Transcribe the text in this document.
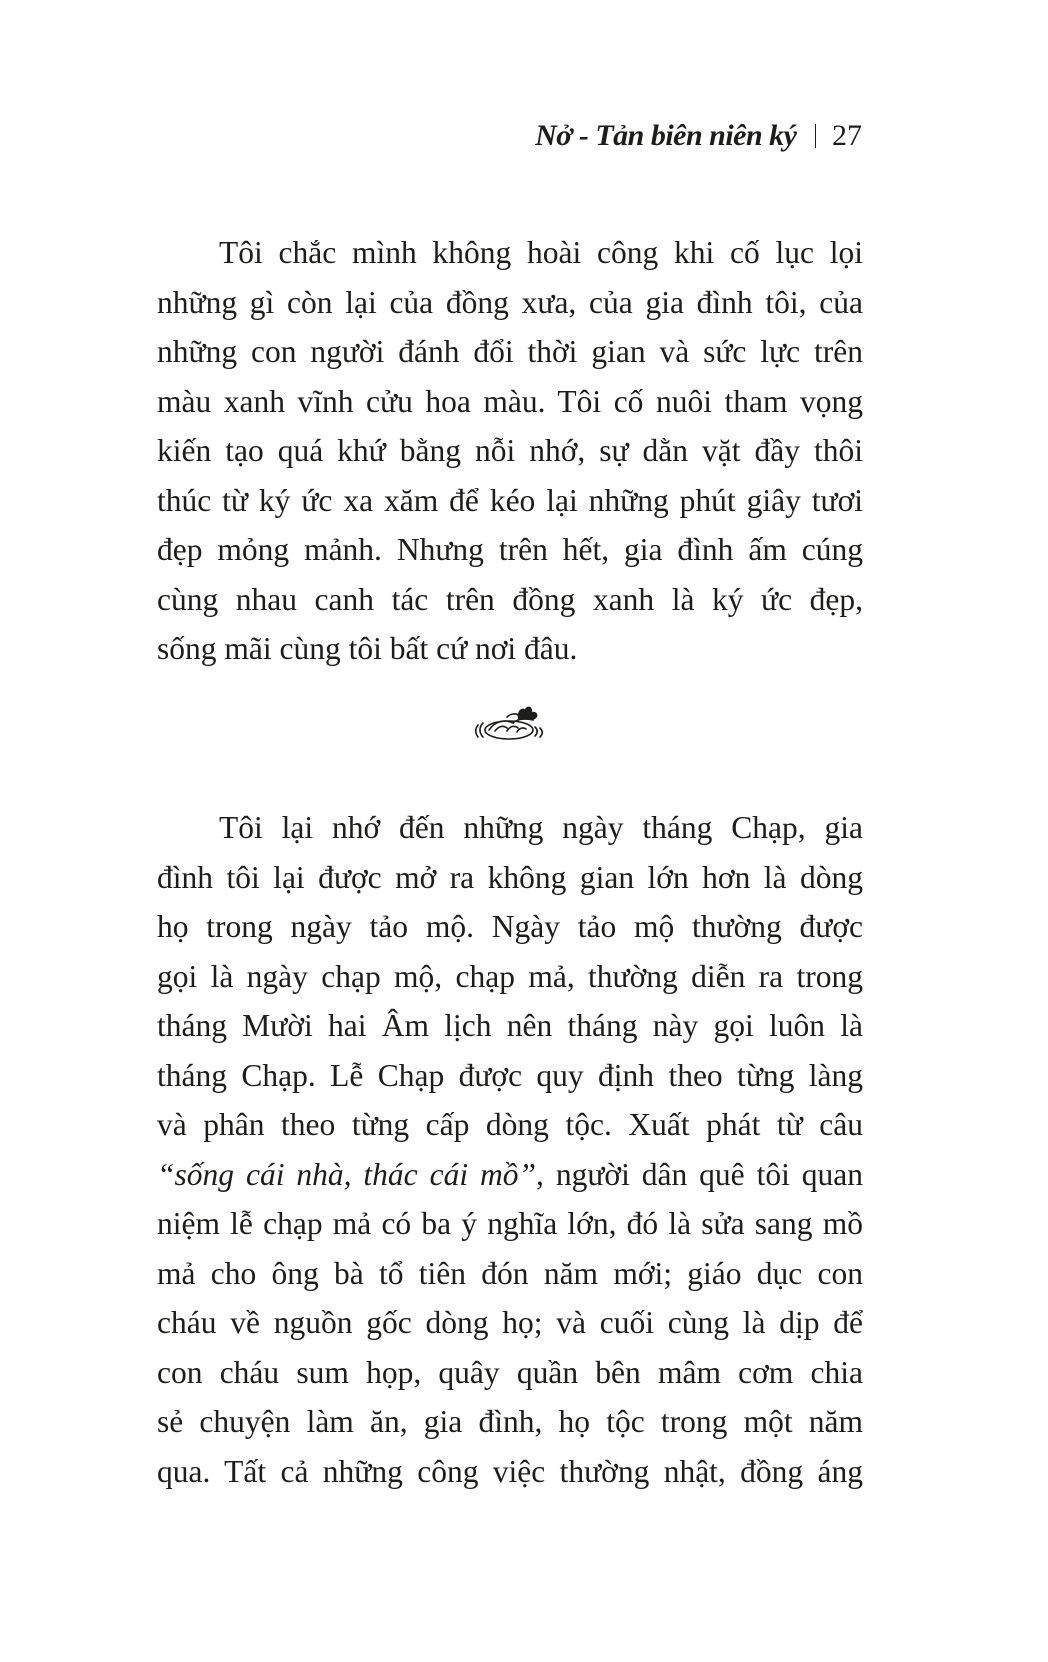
Nở - Tản biên niên ký 27
Tôi chắc mình không hoài công khi cố lục lọi
những gì còn lại của đồng xưa, của gia đình tôi, của
những con người đánh đổi thời gian và sức lực trên
màu xanh vĩnh cửu hoa màu. Tôi cố nuôi tham vọng
kiến tạo quá khứ bằng nỗi nhớ, sự dằn vặt đầy thôi
thúc từ ký ức xa xăm để kéo lại những phút giây tươi
đẹp mỏng mảnh. Nhưng trên hết, gia đình ấm cúng
cùng nhau canh tác trên đồng xanh là ký ức đẹp,
sống mãi cùng tôi bất cứ nơi đâu.
Tôi lại nhớ đến những ngày tháng Chạp, gia
đình tôi lại được mở ra không gian lớn hơn là dòng
họ trong ngày tảo mộ. Ngày tảo mộ thường được
gọi là ngày chạp mộ, chạp mả, thường diễn ra trong
tháng Mười hai Âm lịch nên tháng này gọi luôn là
tháng Chạp. Lễ Chạp được quy định theo từng làng
và phân theo từng cấp dòng tộc. Xuất phát từ câu
“sống cái nhà, thác cái mồ”, người dân quê tôi quan
niệm lễ chạp mả có ba ý nghĩa lớn, đó là sửa sang mồ
mả cho ông bà tổ tiên đón năm mới; giáo dục con
cháu về nguồn gốc dòng họ; và cuối cùng là dịp để
con cháu sum họp, quây quần bên mâm cơm chia
sẻ chuyện làm ăn, gia đình, họ tộc trong một năm
qua. Tất cả những công việc thường nhật, đồng áng
